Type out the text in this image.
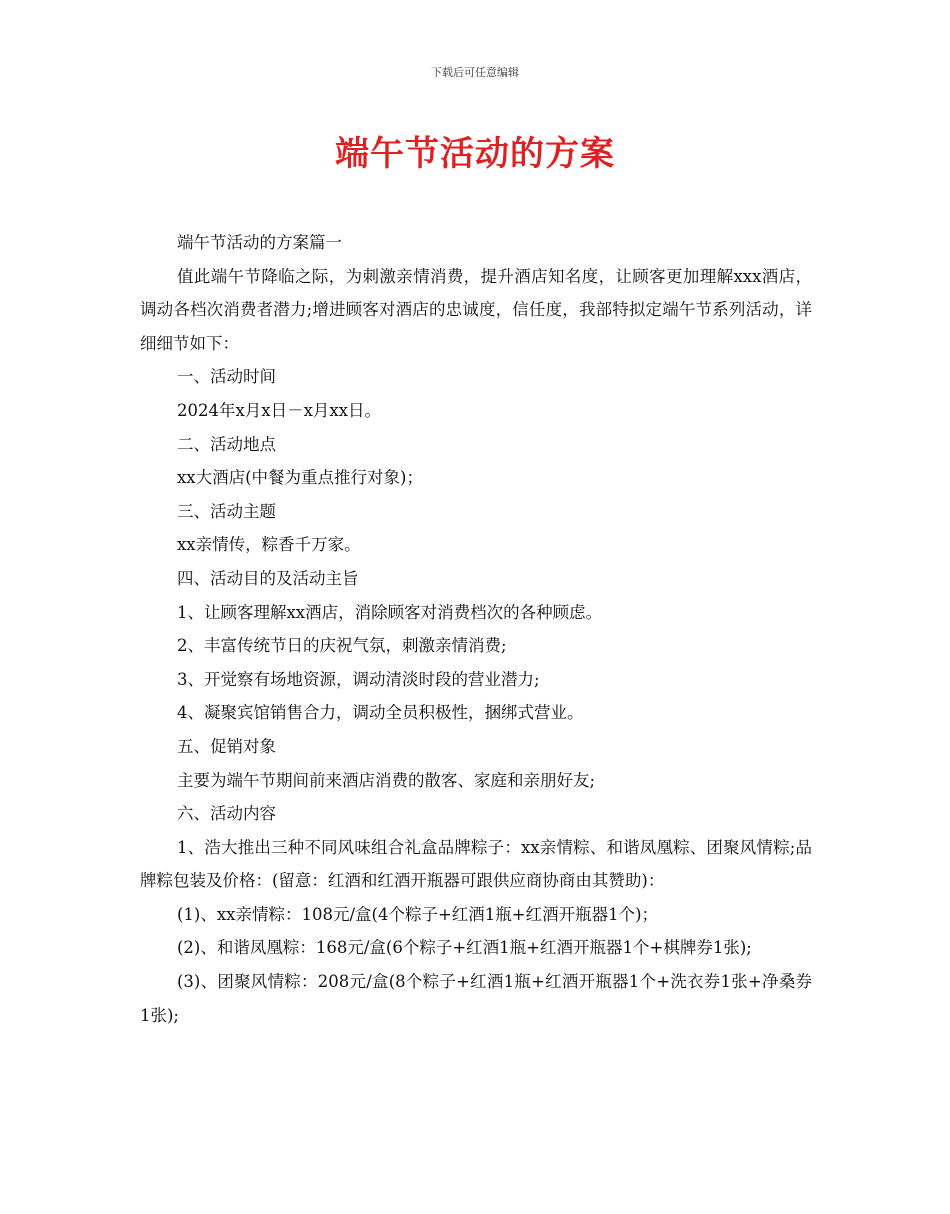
下载后可任意编辑
端午节活动的方案

端午节活动的方案篇一

值此端午节降临之际，为刺激亲情消费，提升酒店知名度，让顾客更加理解xxx酒店，调动各档次消费者潜力;增进顾客对酒店的忠诚度，信任度，我部特拟定端午节系列活动，详细细节如下：

一、活动时间

2024年x月x日－x月xx日。

二、活动地点

xx大酒店(中餐为重点推行对象)；

三、活动主题

xx亲情传，粽香千万家。

四、活动目的及活动主旨

1、让顾客理解xx酒店，消除顾客对消费档次的各种顾虑。

2、丰富传统节日的庆祝气氛，刺激亲情消费;

3、开觉察有场地资源，调动清淡时段的营业潜力;

4、凝聚宾馆销售合力，调动全员积极性，捆绑式营业。

五、促销对象

主要为端午节期间前来酒店消费的散客、家庭和亲朋好友;

六、活动内容

1、浩大推出三种不同风味组合礼盒品牌粽子：xx亲情粽、和谐凤凰粽、团聚风情粽;品牌粽包装及价格：(留意：红酒和红酒开瓶器可跟供应商协商由其赞助)：

(1)、xx亲情粽：108元/盒(4个粽子+红酒1瓶+红酒开瓶器1个)；

(2)、和谐凤凰粽：168元/盒(6个粽子+红酒1瓶+红酒开瓶器1个+棋牌券1张);

(3)、团聚风情粽：208元/盒(8个粽子+红酒1瓶+红酒开瓶器1个+洗衣券1张+净桑券1张);
